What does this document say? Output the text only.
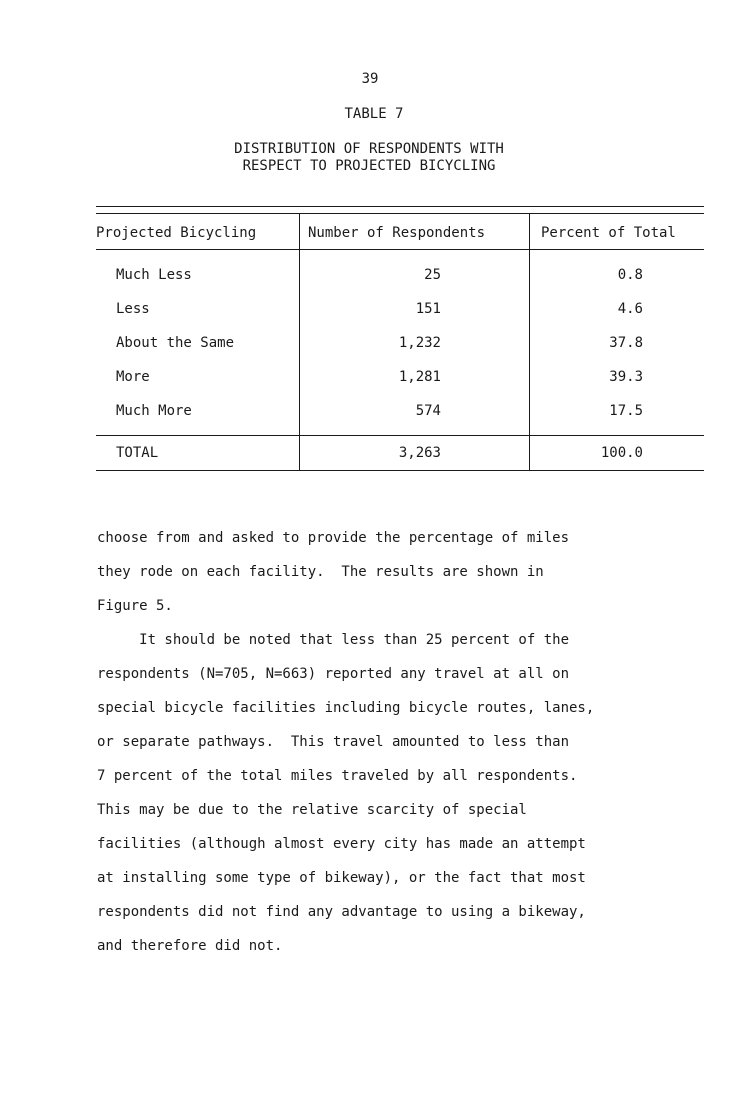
39
TABLE 7
DISTRIBUTION OF RESPONDENTS WITH
RESPECT TO PROJECTED BICYCLING
Projected Bicycling	Number of Respondents	Percent of Total
Much Less	25	0.8
Less	151	4.6
About the Same	1,232	37.8
More	1,281	39.3
Much More	574	17.5
TOTAL	3,263	100.0
choose from and asked to provide the percentage of miles
they rode on each facility.  The results are shown in
Figure 5.
It should be noted that less than 25 percent of the
respondents (N=705, N=663) reported any travel at all on
special bicycle facilities including bicycle routes, lanes,
or separate pathways.  This travel amounted to less than
7 percent of the total miles traveled by all respondents.
This may be due to the relative scarcity of special
facilities (although almost every city has made an attempt
at installing some type of bikeway), or the fact that most
respondents did not find any advantage to using a bikeway,
and therefore did not.
